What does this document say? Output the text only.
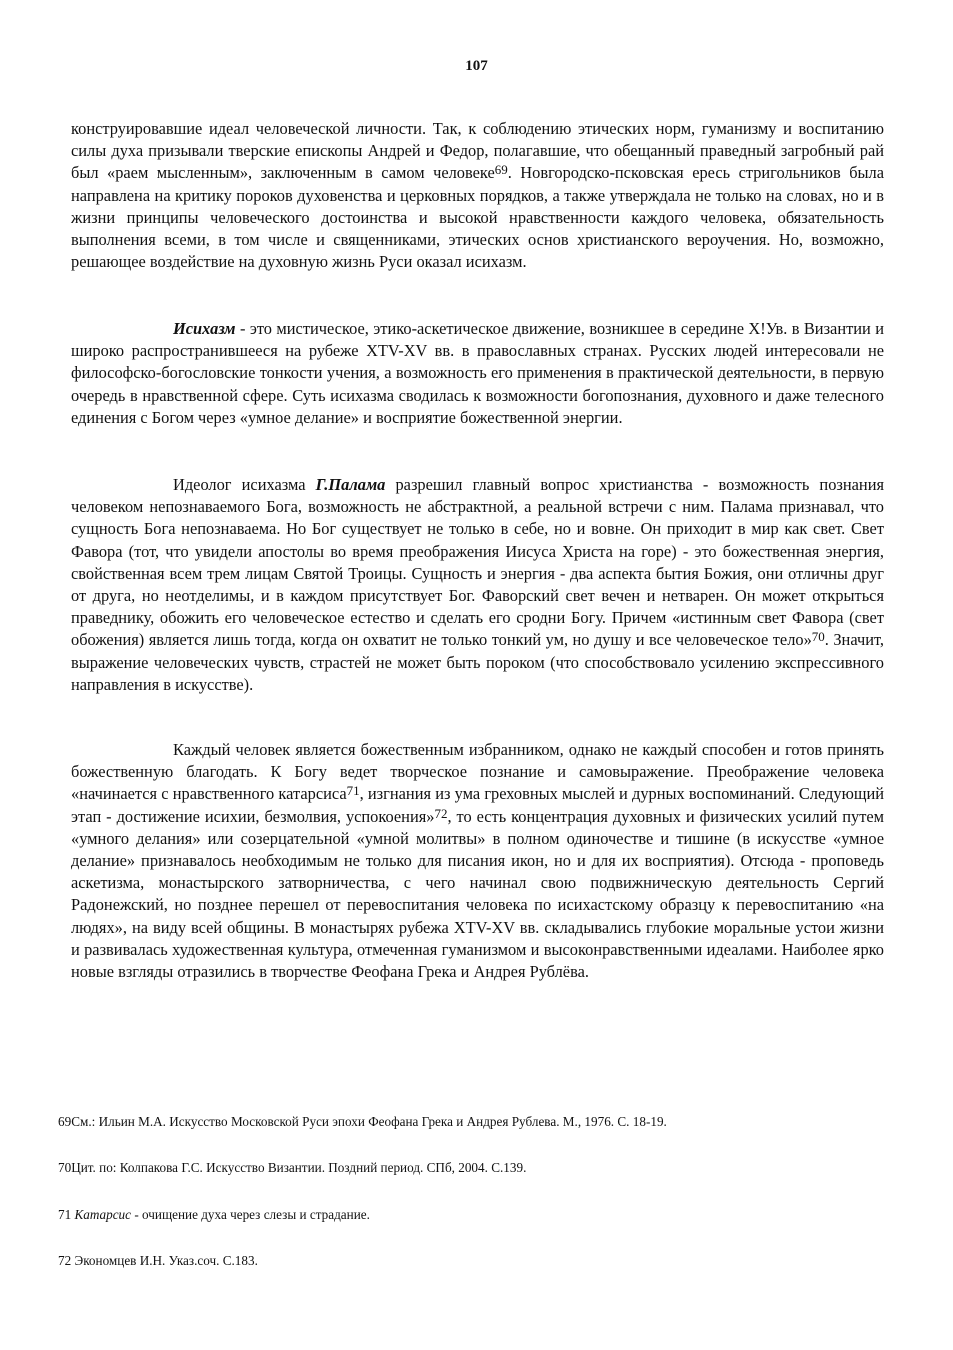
107
конструировавшие идеал человеческой личности. Так, к соблюдению этических норм, гуманизму и воспитанию силы духа призывали тверские епископы Андрей и Федор, полагавшие, что обещанный праведный загробный рай был «раем мысленным», заключенным в самом человеке$^{69}$. Новгородско-псковская ересь стригольников была направлена на критику пороков духовенства и церковных порядков, а также утверждала не только на словах, но и в жизни принципы человеческого достоинства и высокой нравственности каждого человека, обязательность выполнения всеми, в том числе и священниками, этических основ христианского вероучения. Но, возможно, решающее воздействие на духовную жизнь Руси оказал исихазм.
Исихазм - это мистическое, этико-аскетическое движение, возникшее в середине Х!Ув. в Византии и широко распространившееся на рубеже XTV-XV вв. в православных странах. Русских людей интересовали не философско-богословские тонкости учения, а возможность его применения в практической деятельности, в первую очередь в нравственной сфере. Суть исихазма сводилась к возможности богопознания, духовного и даже телесного единения с Богом через «умное делание» и восприятие божественной энергии.
Идеолог исихазма Г.Палама разрешил главный вопрос христианства - возможность познания человеком непознаваемого Бога, возможность не абстрактной, а реальной встречи с ним. Палама признавал, что сущность Бога непознаваема. Но Бог существует не только в себе, но и вовне. Он приходит в мир как свет. Свет Фавора (тот, что увидели апостолы во время преображения Иисуса Христа на горе) - это божественная энергия, свойственная всем трем лицам Святой Троицы. Сущность и энергия - два аспекта бытия Божия, они отличны друг от друга, но неотделимы, и в каждом присутствует Бог. Фаворский свет вечен и нетварен. Он может открыться праведнику, обожить его человеческое естество и сделать его сродни Богу. Причем «истинным свет Фавора (свет обожения) является лишь тогда, когда он охватит не только тонкий ум, но душу и все человеческое тело»$^{70}$. Значит, выражение человеческих чувств, страстей не может быть пороком (что способствовало усилению экспрессивного направления в искусстве).
Каждый человек является божественным избранником, однако не каждый способен и готов принять божественную благодать. К Богу ведет творческое познание и самовыражение. Преображение человека «начинается с нравственного катарсиса$^{71}$, изгнания из ума греховных мыслей и дурных воспоминаний. Следующий этап - достижение исихии, безмолвия, успокоения»$^{72}$, то есть концентрация духовных и физических усилий путем «умного делания» или созерцательной «умной молитвы» в полном одиночестве и тишине (в искусстве «умное делание» признавалось необходимым не только для писания икон, но и для их восприятия). Отсюда - проповедь аскетизма, монастырского затворничества, с чего начинал свою подвижническую деятельность Сергий Радонежский, но позднее перешел от перевоспитания человека по исихастскому образцу к перевоспитанию «на людях», на виду всей общины. В монастырях рубежа XTV-XV вв. складывались глубокие моральные устои жизни и развивалась художественная культура, отмеченная гуманизмом и высоконравственными идеалами. Наиболее ярко новые взгляды отразились в творчестве Феофана Грека и Андрея Рублёва.
69См.: Ильин М.А. Искусство Московской Руси эпохи Феофана Грека и Андрея Рублева. М., 1976. С. 18-19.
70Цит. по: Колпакова Г.С. Искусство Византии. Поздний период. СПб, 2004. С.139.
71 Катарсис - очищение духа через слезы и страдание.
72 Экономцев И.Н. Указ.соч. С.183.
